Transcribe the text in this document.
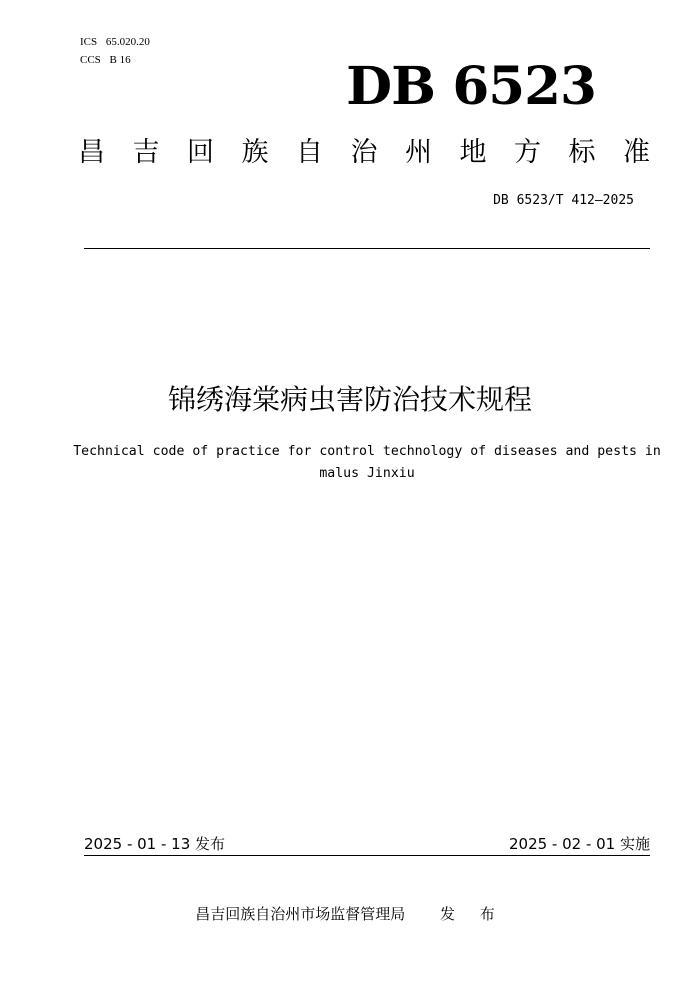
ICS 65.020.20
CCS B 16	DB 6523
昌 吉 回 族 自 治 州 地 方 标 准
DB 6523/T 412—2025
锦绣海棠病虫害防治技术规程
Technical code of practice for control technology of diseases and pests in malus Jinxiu
2025 - 01 - 13 发布	2025 - 02 - 01 实施
昌吉回族自治州市场监督管理局 发 布
